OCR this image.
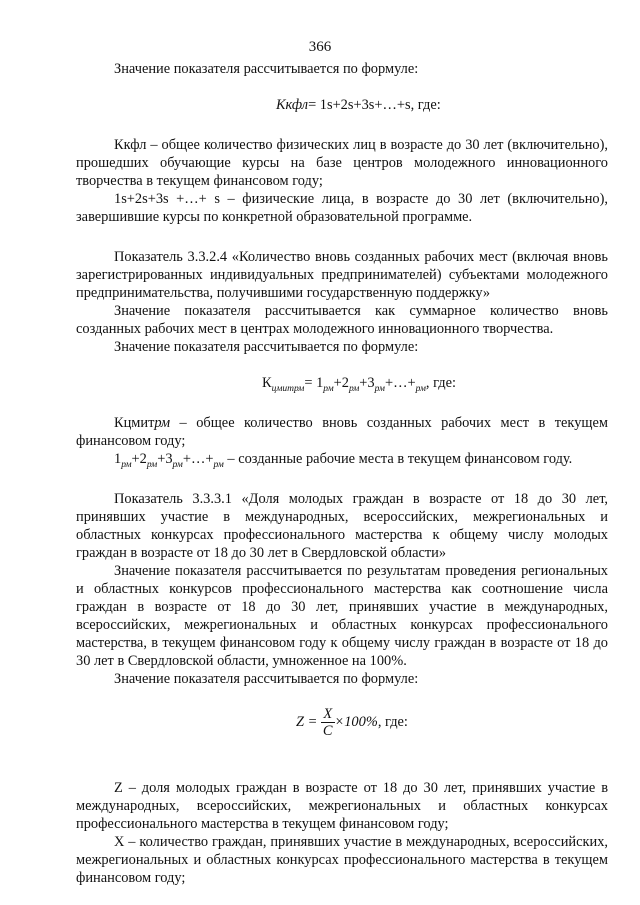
366

Значение показателя рассчитывается по формуле:

Ккфл= 1s+2s+3s+…+s, где:

Ккфл – общее количество физических лиц в возрасте до 30 лет (включительно), прошедших обучающие курсы на базе центров молодежного инновационного творчества в текущем финансовом году;

1s+2s+3s +…+ s – физические лица, в возрасте до 30 лет (включительно), завершившие курсы по конкретной образовательной программе.

Показатель 3.3.2.4 «Количество вновь созданных рабочих мест (включая вновь зарегистрированных индивидуальных предпринимателей) субъектами молодежного предпринимательства, получившими государственную поддержку»

Значение показателя рассчитывается как суммарное количество вновь созданных рабочих мест в центрах молодежного инновационного творчества.

Значение показателя рассчитывается по формуле:

$К_{цмитрм}=$ $1_{рм}+2_{рм}+3_{рм}+\dots+_{рм}$, где:

Кцмитрм – общее количество вновь созданных рабочих мест в текущем финансовом году;

$1_{рм}+2_{рм}+3_{рм}+\dots+_{рм}$ – созданные рабочие места в текущем финансовом году.

Показатель 3.3.3.1 «Доля молодых граждан в возрасте от 18 до 30 лет, принявших участие в международных, всероссийских, межрегиональных и областных конкурсах профессионального мастерства к общему числу молодых граждан в возрасте от 18 до 30 лет в Свердловской области»

Значение показателя рассчитывается по результатам проведения региональных и областных конкурсов профессионального мастерства как соотношение числа граждан в возрасте от 18 до 30 лет, принявших участие в международных, всероссийских, межрегиональных и областных конкурсах профессионального мастерства, в текущем финансовом году к общему числу граждан в возрасте от 18 до 30 лет в Свердловской области, умноженное на 100%.

Значение показателя рассчитывается по формуле:

$Z = \frac{X}{C} \times 100\%$, где:

Z – доля молодых граждан в возрасте от 18 до 30 лет, принявших участие в международных, всероссийских, межрегиональных и областных конкурсах профессионального мастерства в текущем финансовом году;

X – количество граждан, принявших участие в международных, всероссийских, межрегиональных и областных конкурсах профессионального мастерства в текущем финансовом году;
